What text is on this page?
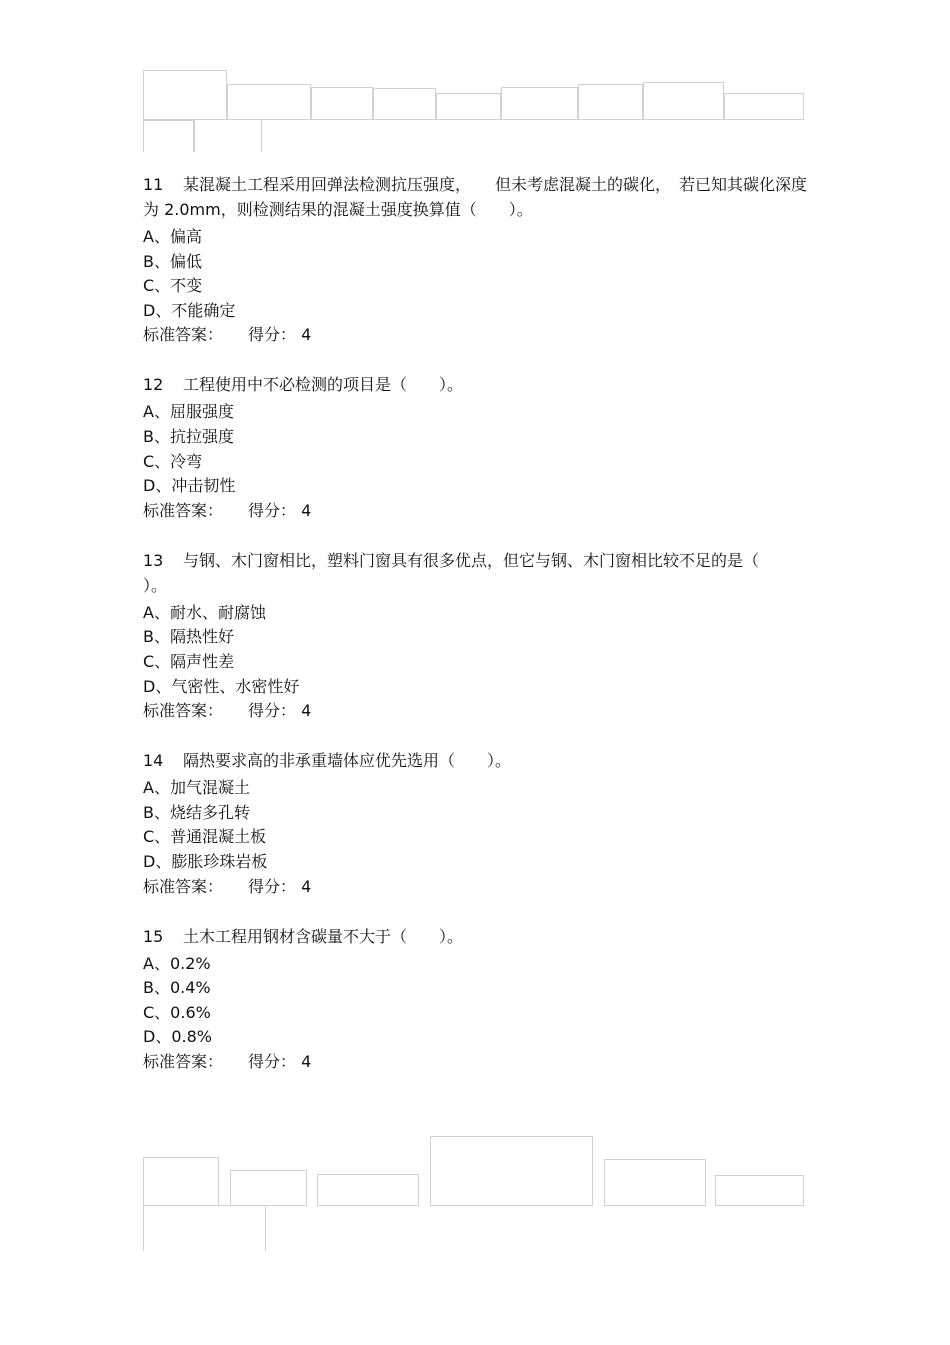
11 某混凝土工程采用回弹法检测抗压强度，　　但未考虑混凝土的碳化，　若已知其碳化深度为 2.0mm，则检测结果的混凝土强度换算值（　　）。

A、偏高
B、偏低
C、不变
D、不能确定
标准答案： 得分： 4

12 工程使用中不必检测的项目是（　　）。

A、屈服强度
B、抗拉强度
C、冷弯
D、冲击韧性
标准答案： 得分： 4

13 与钢、木门窗相比，塑料门窗具有很多优点，但它与钢、木门窗相比较不足的是（ ）。

A、耐水、耐腐蚀
B、隔热性好
C、隔声性差
D、气密性、水密性好
标准答案： 得分： 4

14 隔热要求高的非承重墙体应优先选用（　　）。

A、加气混凝土
B、烧结多孔转
C、普通混凝土板
D、膨胀珍珠岩板
标准答案： 得分： 4

15 土木工程用钢材含碳量不大于（　　）。

A、0.2%
B、0.4%
C、0.6%
D、0.8%
标准答案： 得分： 4
